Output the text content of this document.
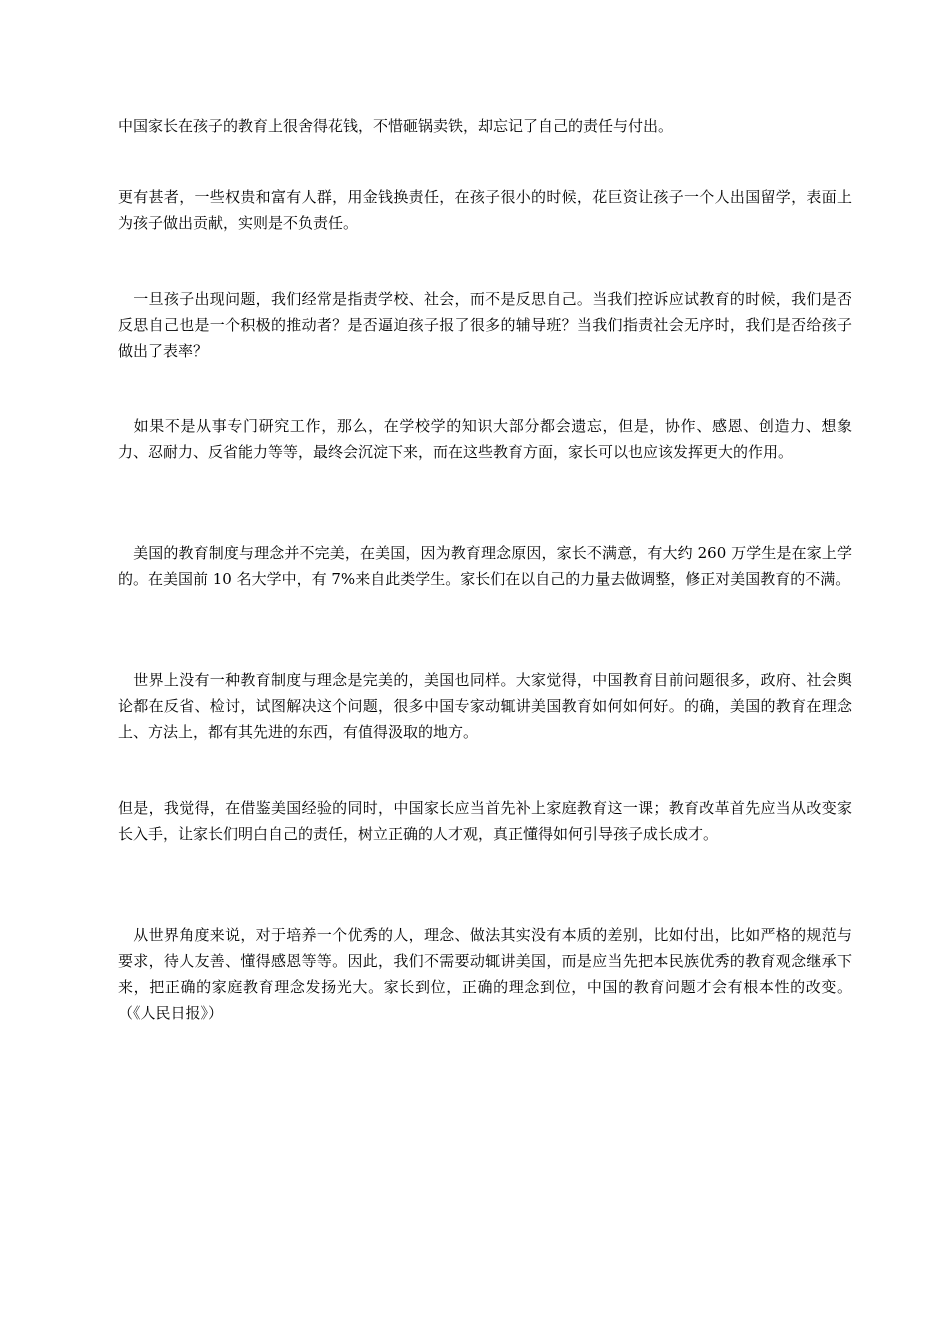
中国家长在孩子的教育上很舍得花钱，不惜砸锅卖铁，却忘记了自己的责任与付出。

更有甚者，一些权贵和富有人群，用金钱换责任，在孩子很小的时候，花巨资让孩子一个人出国留学，表面上为孩子做出贡献，实则是不负责任。

　一旦孩子出现问题，我们经常是指责学校、社会，而不是反思自己。当我们控诉应试教育的时候，我们是否反思自己也是一个积极的推动者？是否逼迫孩子报了很多的辅导班？当我们指责社会无序时，我们是否给孩子做出了表率？

　如果不是从事专门研究工作，那么，在学校学的知识大部分都会遗忘，但是，协作、感恩、创造力、想象力、忍耐力、反省能力等等，最终会沉淀下来，而在这些教育方面，家长可以也应该发挥更大的作用。

　美国的教育制度与理念并不完美，在美国，因为教育理念原因，家长不满意，有大约 260 万学生是在家上学的。在美国前 10 名大学中，有 7%来自此类学生。家长们在以自己的力量去做调整，修正对美国教育的不满。

　世界上没有一种教育制度与理念是完美的，美国也同样。大家觉得，中国教育目前问题很多，政府、社会舆论都在反省、检讨，试图解决这个问题，很多中国专家动辄讲美国教育如何如何好。的确，美国的教育在理念上、方法上，都有其先进的东西，有值得汲取的地方。

但是，我觉得，在借鉴美国经验的同时，中国家长应当首先补上家庭教育这一课；教育改革首先应当从改变家长入手，让家长们明白自己的责任，树立正确的人才观，真正懂得如何引导孩子成长成才。

　从世界角度来说，对于培养一个优秀的人，理念、做法其实没有本质的差别，比如付出，比如严格的规范与要求，待人友善、懂得感恩等等。因此，我们不需要动辄讲美国，而是应当先把本民族优秀的教育观念继承下来，把正确的家庭教育理念发扬光大。家长到位，正确的理念到位，中国的教育问题才会有根本性的改变。（《人民日报》）
